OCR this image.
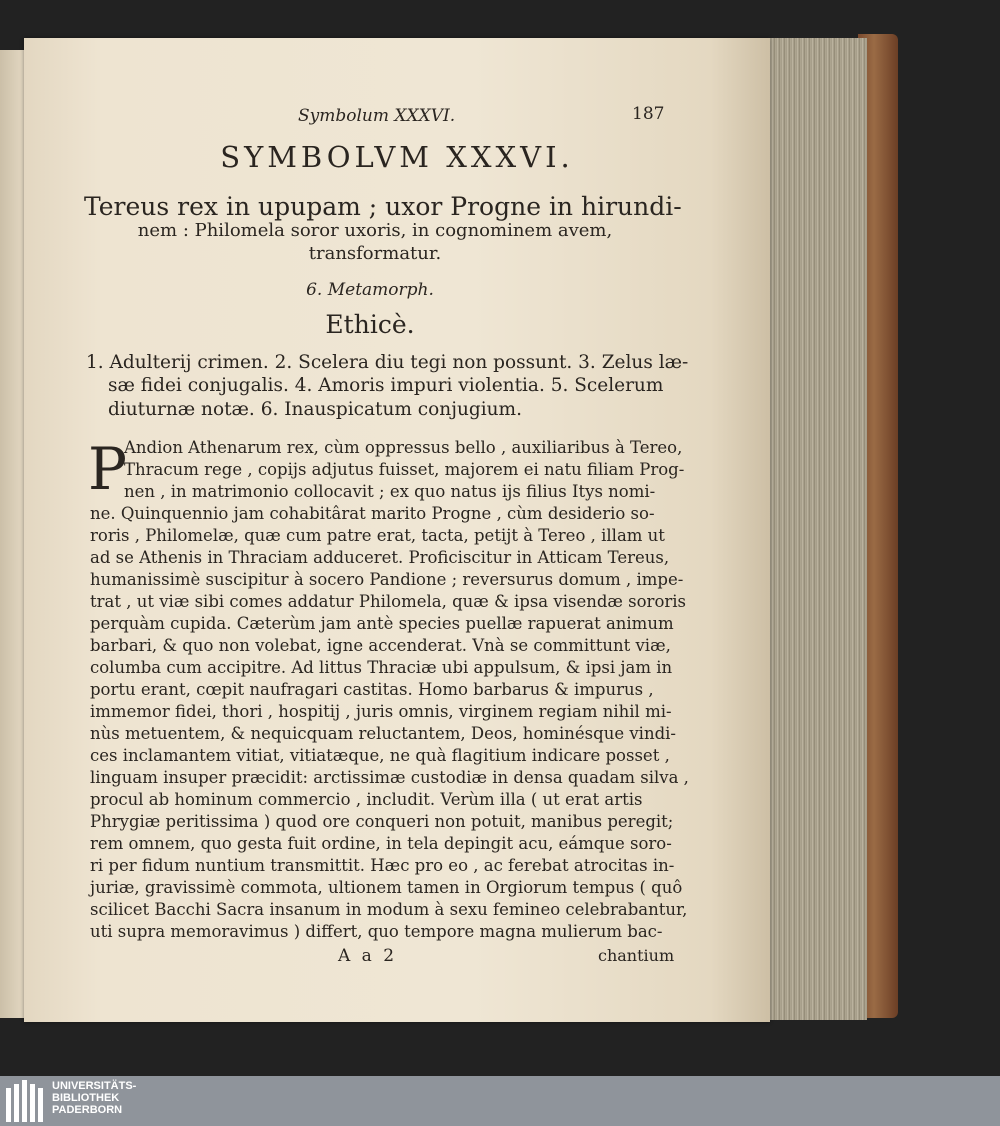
Symbolum XXXVI.	187
SYMBOLVM XXXVI.
Tereus rex in upupam ; uxor Progne in hirundi-
nem : Philomela soror uxoris, in cognominem avem,
transformatur.
6. Metamorph.
Ethicè.
1. Adulterij crimen. 2. Scelera diu tegi non possunt. 3. Zelus læ-
sæ fidei conjugalis. 4. Amoris impuri violentia. 5. Scelerum
diuturnæ notæ. 6. Inauspicatum conjugium.
P
Andion Athenarum rex, cùm oppressus bello , auxiliaribus à Tereo,
Thracum rege , copijs adjutus fuisset, majorem ei natu filiam Prog-
nen , in matrimonio collocavit ; ex quo natus ijs filius Itys nomi-
ne. Quinquennio jam cohabitârat marito Progne , cùm desiderio so-
roris , Philomelæ, quæ cum patre erat, tacta, petijt à Tereo , illam ut
ad se Athenis in Thraciam adduceret. Proficiscitur in Atticam Tereus,
humanissimè suscipitur à socero Pandione ; reversurus domum , impe-
trat , ut viæ sibi comes addatur Philomela, quæ & ipsa visendæ sororis
perquàm cupida. Cæterùm jam antè species puellæ rapuerat animum
barbari, & quo non volebat, igne accenderat. Vnà se committunt viæ,
columba cum accipitre. Ad littus Thraciæ ubi appulsum, & ipsi jam in
portu erant, cœpit naufragari castitas. Homo barbarus & impurus ,
immemor fidei, thori , hospitij , juris omnis, virginem regiam nihil mi-
nùs metuentem, & nequicquam reluctantem, Deos, hominésque vindi-
ces inclamantem vitiat, vitiatæque, ne quà flagitium indicare posset ,
linguam insuper præcidit: arctissimæ custodiæ in densa quadam silva ,
procul ab hominum commercio , includit. Verùm illa ( ut erat artis
Phrygiæ peritissima ) quod ore conqueri non potuit, manibus peregit;
rem omnem, quo gesta fuit ordine, in tela depingit acu, eámque soro-
ri per fidum nuntium transmittit. Hæc pro eo , ac ferebat atrocitas in-
juriæ, gravissimè commota, ultionem tamen in Orgiorum tempus ( quô
scilicet Bacchi Sacra insanum in modum à sexu femineo celebrabantur,
uti supra memoravimus ) differt, quo tempore magna mulierum bac-
A a 2	chantium
UNIVERSITÄTS-
BIBLIOTHEK
PADERBORN
